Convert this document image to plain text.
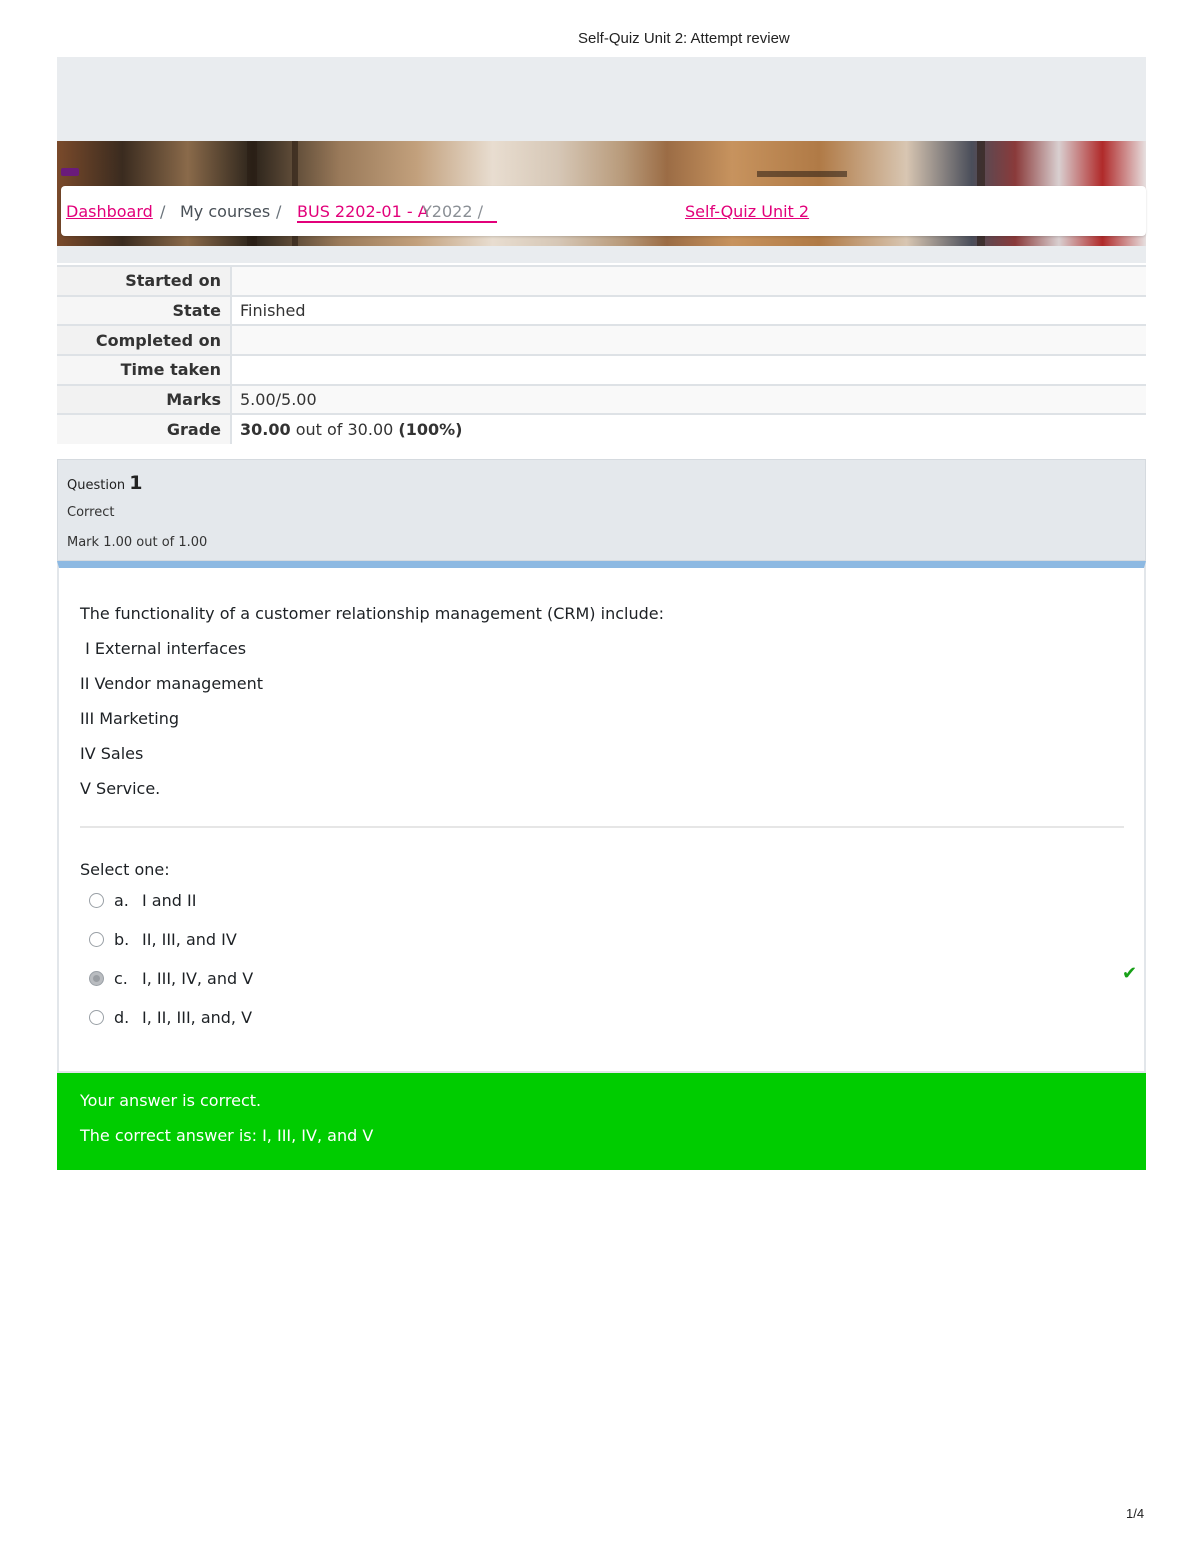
Self-Quiz Unit 2: Attempt review
Dashboard / My courses / BUS 2202-01 - A
Y2022 /	Self-Quiz Unit 2
Started on	
State	Finished
Completed on	
Time taken	
Marks	5.00/5.00
Grade	30.00 out of 30.00 (100%)
Question 1
Correct
Mark 1.00 out of 1.00

The functionality of a customer relationship management (CRM) include:

I External interfaces

II Vendor management

III Marketing

IV Sales

V Service.

Select one:
a. I and II
b. II, III, and IV
c. I, III, IV, and V	✔
d. I, II, III, and, V
Your answer is correct.
The correct answer is: I, III, IV, and V
1/4
